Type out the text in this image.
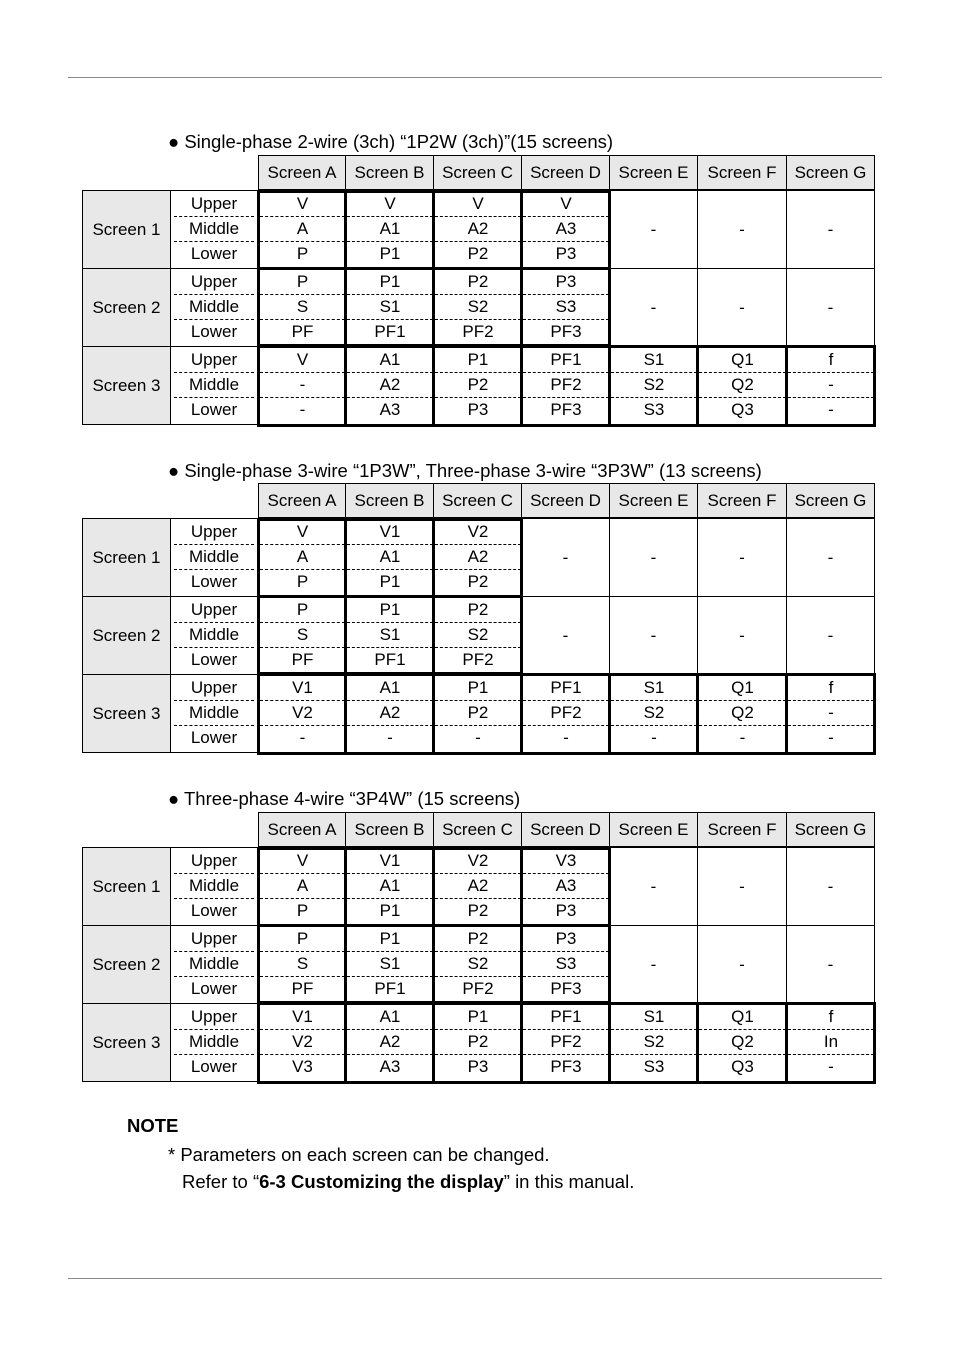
● Single-phase 2-wire (3ch) “1P2W (3ch)”(15 screens)
Screen A	Screen B	Screen C	Screen D	Screen E	Screen F	Screen G
Screen 1
Upper	V	V	V	V
Middle	A	A1	A2	A3
Lower	P	P1	P2	P3
-	-	-
Screen 2
Upper	P	P1	P2	P3
Middle	S	S1	S2	S3
Lower	PF	PF1	PF2	PF3
-	-	-
Screen 3
Upper	V	A1	P1	PF1	S1	Q1	f
Middle	-	A2	P2	PF2	S2	Q2	-
Lower	-	A3	P3	PF3	S3	Q3	-
● Single-phase 3-wire “1P3W”, Three-phase 3-wire “3P3W” (13 screens)
Screen A	Screen B	Screen C	Screen D	Screen E	Screen F	Screen G
Screen 1
Upper	V	V1	V2
Middle	A	A1	A2
Lower	P	P1	P2
-	-	-	-
Screen 2
Upper	P	P1	P2
Middle	S	S1	S2
Lower	PF	PF1	PF2
-	-	-	-
Screen 3
Upper	V1	A1	P1	PF1	S1	Q1	f
Middle	V2	A2	P2	PF2	S2	Q2	-
Lower	-	-	-	-	-	-	-
● Three-phase 4-wire “3P4W” (15 screens)
Screen A	Screen B	Screen C	Screen D	Screen E	Screen F	Screen G
Screen 1
Upper	V	V1	V2	V3
Middle	A	A1	A2	A3
Lower	P	P1	P2	P3
-	-	-
Screen 2
Upper	P	P1	P2	P3
Middle	S	S1	S2	S3
Lower	PF	PF1	PF2	PF3
-	-	-
Screen 3
Upper	V1	A1	P1	PF1	S1	Q1	f
Middle	V2	A2	P2	PF2	S2	Q2	In
Lower	V3	A3	P3	PF3	S3	Q3	-
NOTE
* Parameters on each screen can be changed.
Refer to “6-3 Customizing the display” in this manual.
